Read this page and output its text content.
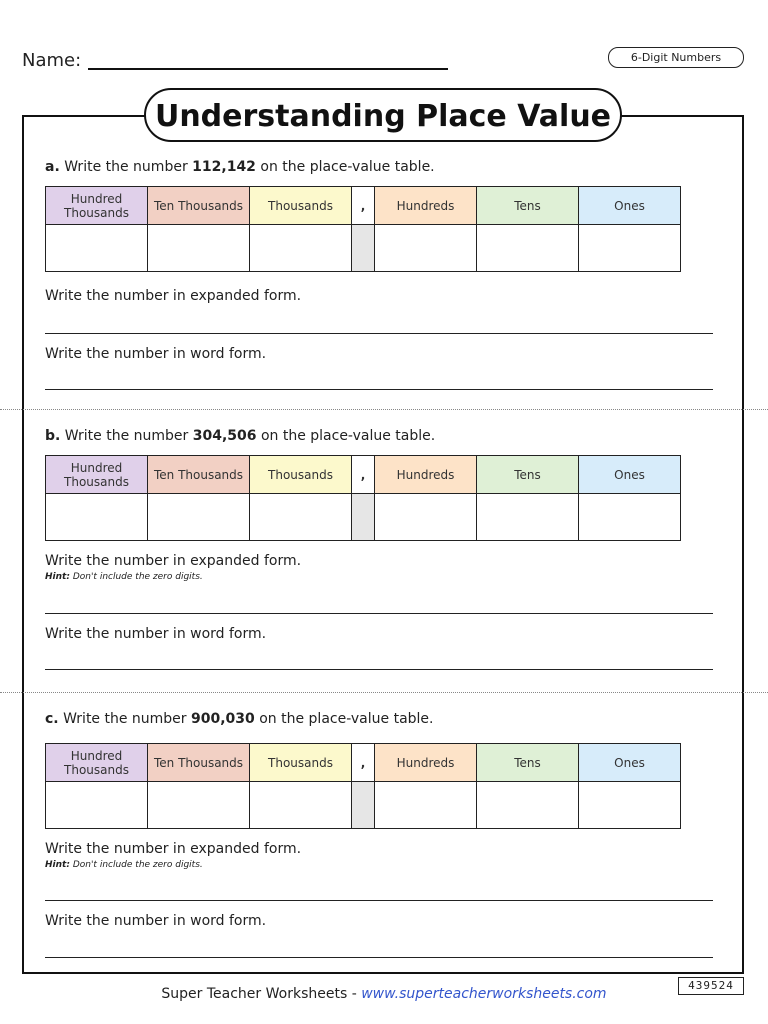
Name:	6-Digit Numbers
Understanding Place Value
a. Write the number 112,142 on the place-value table.
Hundred Thousands	Ten Thousands	Thousands	,	Hundreds	Tens	Ones

Write the number in expanded form.
Write the number in word form.
b. Write the number 304,506 on the place-value table.
Hundred Thousands	Ten Thousands	Thousands	,	Hundreds	Tens	Ones

Write the number in expanded form.
Hint: Don't include the zero digits.
Write the number in word form.
c. Write the number 900,030 on the place-value table.
Hundred Thousands	Ten Thousands	Thousands	,	Hundreds	Tens	Ones

Write the number in expanded form.
Hint: Don't include the zero digits.
Write the number in word form.
Super Teacher Worksheets - www.superteacherworksheets.com
439524
